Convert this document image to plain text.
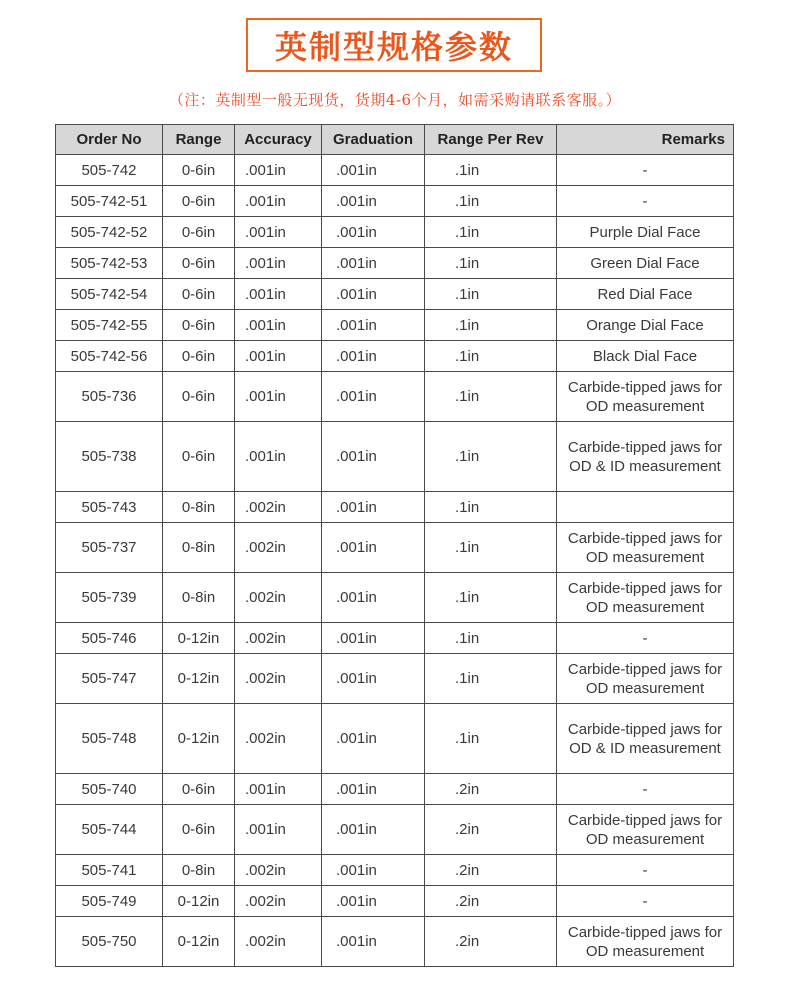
英制型规格参数
（注：英制型一般无现货，货期4-6个月，如需采购请联系客服。）
Order No	Range	Accuracy	Graduation	Range Per Rev	Remarks
505-742	0-6in	.001in	.001in	.1in	-
505-742-51	0-6in	.001in	.001in	.1in	-
505-742-52	0-6in	.001in	.001in	.1in	Purple Dial Face
505-742-53	0-6in	.001in	.001in	.1in	Green Dial Face
505-742-54	0-6in	.001in	.001in	.1in	Red Dial Face
505-742-55	0-6in	.001in	.001in	.1in	Orange Dial Face
505-742-56	0-6in	.001in	.001in	.1in	Black Dial Face
505-736	0-6in	.001in	.001in	.1in	Carbide-tipped jaws for OD measurement
505-738	0-6in	.001in	.001in	.1in	Carbide-tipped jaws for OD & ID measurement
505-743	0-8in	.002in	.001in	.1in	
505-737	0-8in	.002in	.001in	.1in	Carbide-tipped jaws for OD measurement
505-739	0-8in	.002in	.001in	.1in	Carbide-tipped jaws for OD measurement
505-746	0-12in	.002in	.001in	.1in	-
505-747	0-12in	.002in	.001in	.1in	Carbide-tipped jaws for OD measurement
505-748	0-12in	.002in	.001in	.1in	Carbide-tipped jaws for OD & ID measurement
505-740	0-6in	.001in	.001in	.2in	-
505-744	0-6in	.001in	.001in	.2in	Carbide-tipped jaws for OD measurement
505-741	0-8in	.002in	.001in	.2in	-
505-749	0-12in	.002in	.001in	.2in	-
505-750	0-12in	.002in	.001in	.2in	Carbide-tipped jaws for OD measurement
